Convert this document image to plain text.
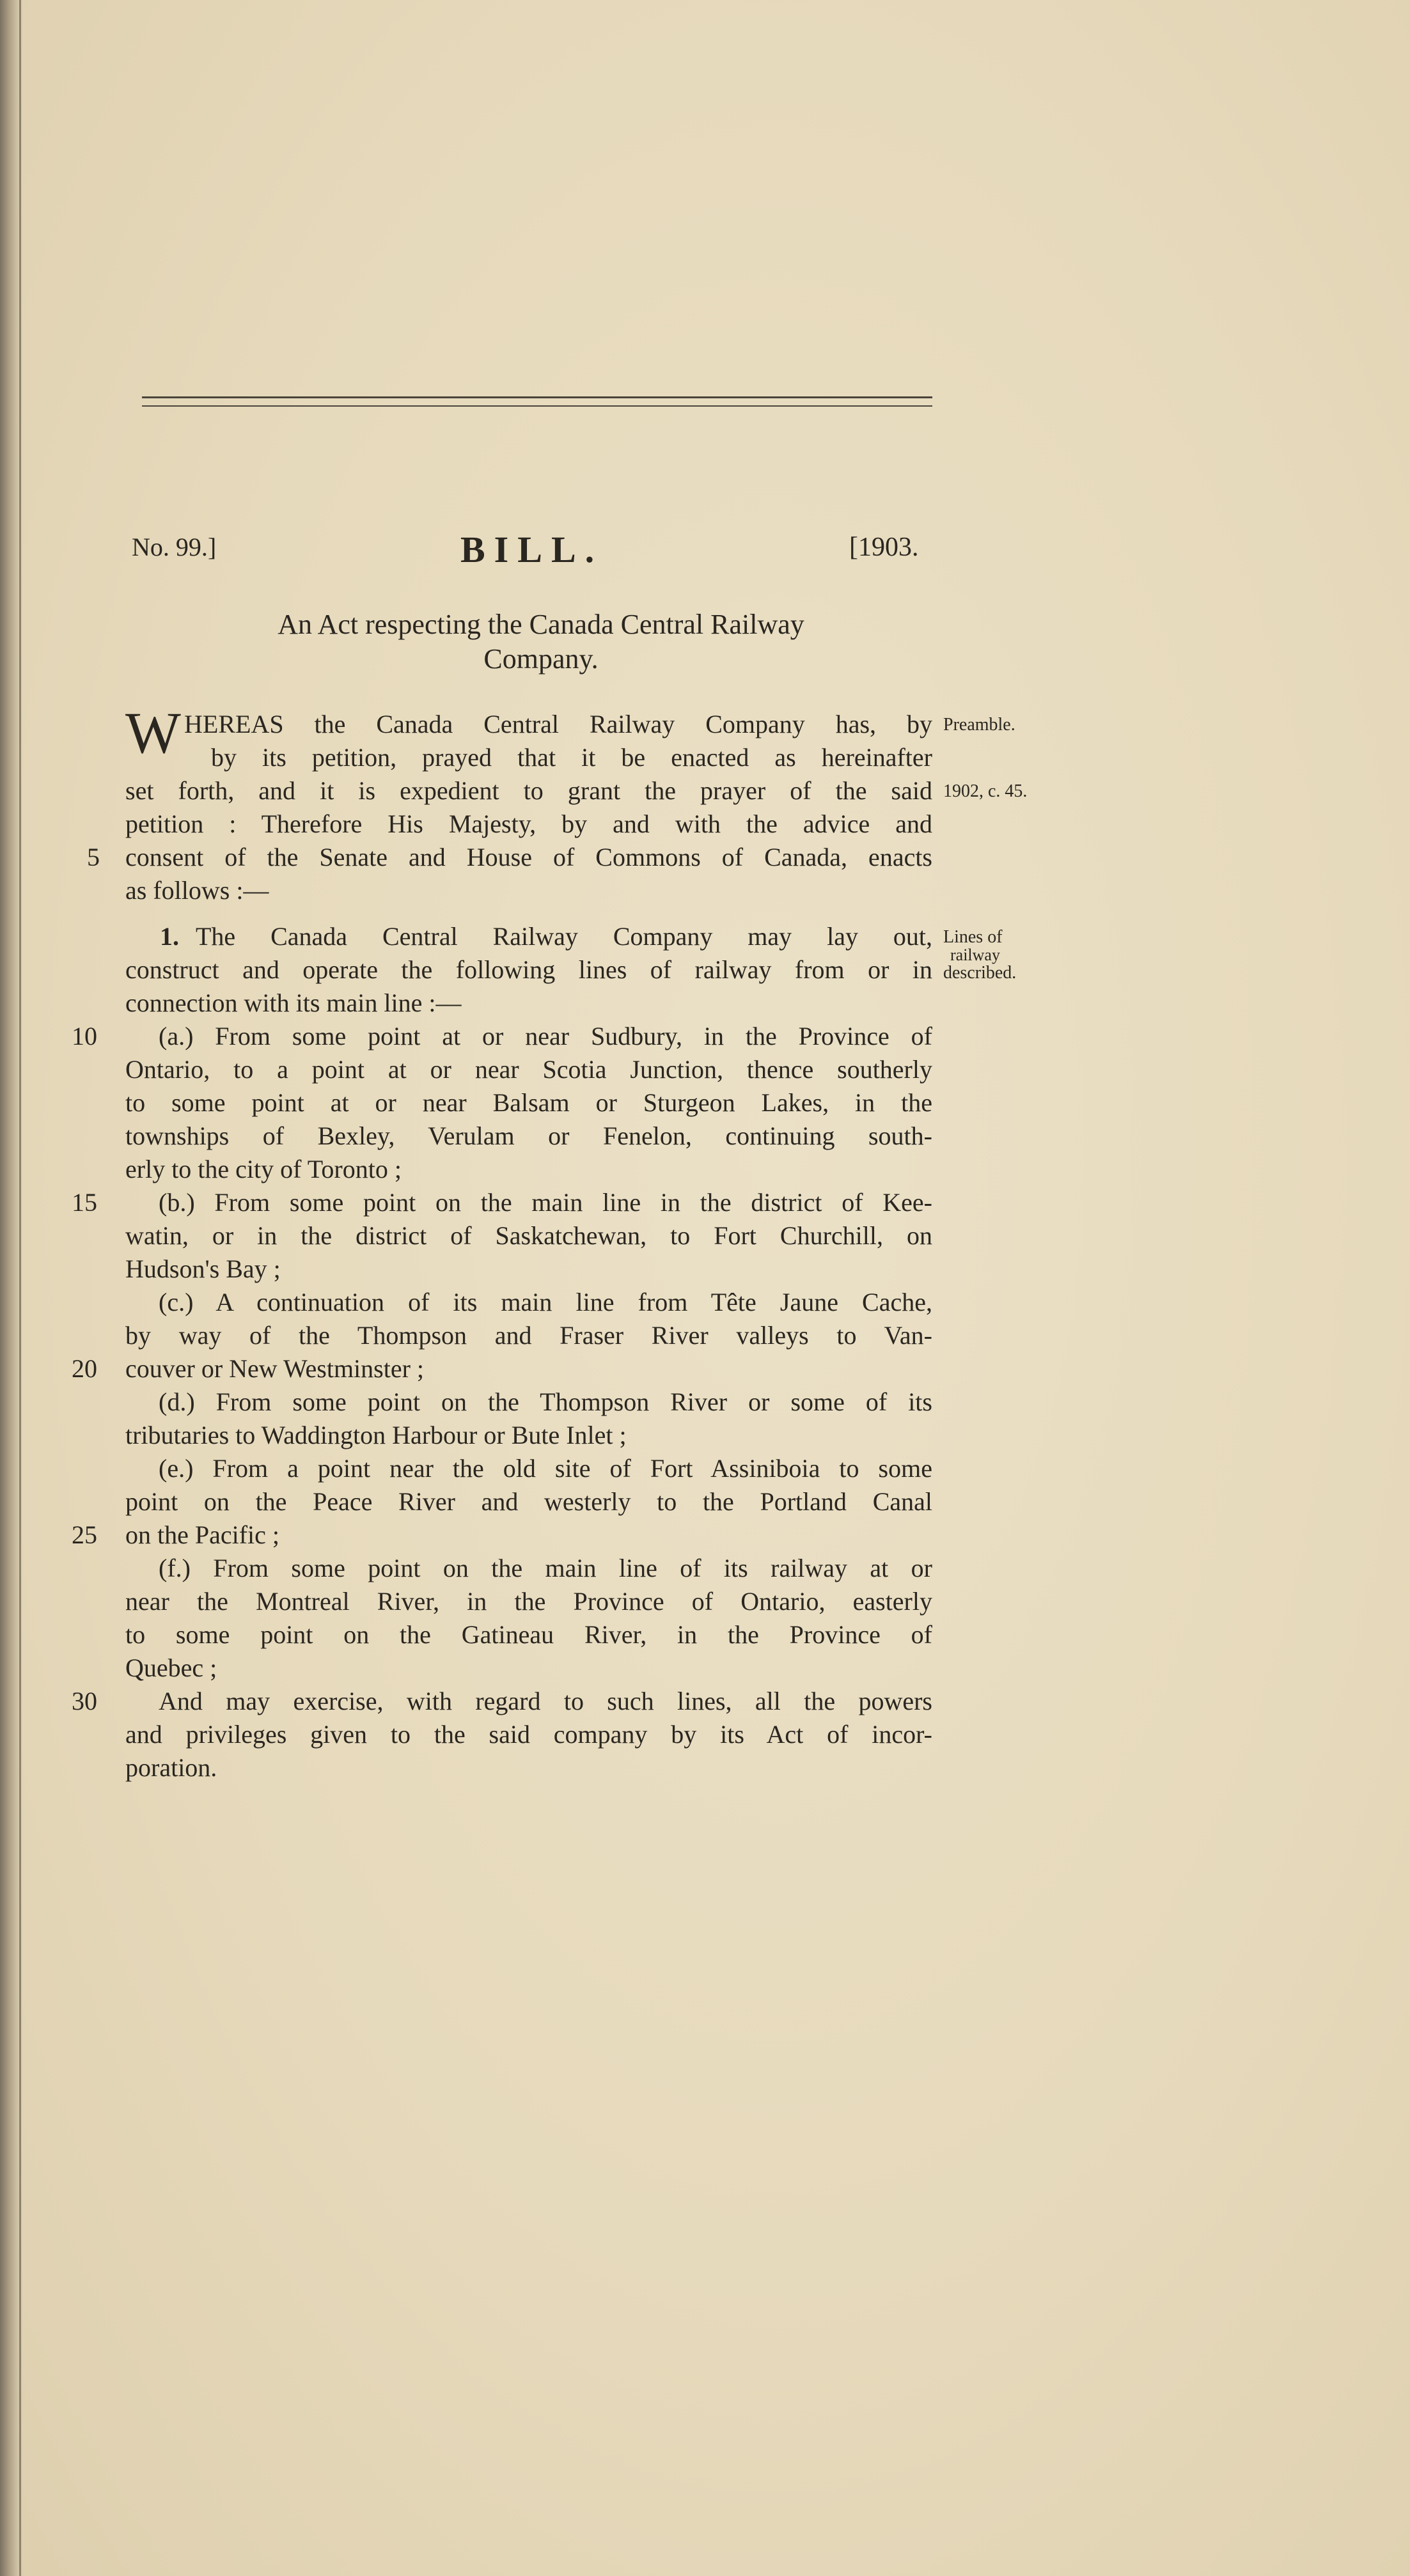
No. 99.]	BILL.	[1903.
An Act respecting the Canada Central Railway
Company.
W HEREAS the Canada Central Railway Company has, by
by its petition, prayed that it be enacted as hereinafter
set forth, and it is expedient to grant the prayer of the said
petition : Therefore His Majesty, by and with the advice and
consent of the Senate and House of Commons of Canada, enacts
as follows :—
1. The Canada Central Railway Company may lay out,
construct and operate the following lines of railway from or in
connection with its main line :—
(a.) From some point at or near Sudbury, in the Province of
Ontario, to a point at or near Scotia Junction, thence southerly
to some point at or near Balsam or Sturgeon Lakes, in the
townships of Bexley, Verulam or Fenelon, continuing south-
erly to the city of Toronto ;
(b.) From some point on the main line in the district of Kee-
watin, or in the district of Saskatchewan, to Fort Churchill, on
Hudson's Bay ;
(c.) A continuation of its main line from Tête Jaune Cache,
by way of the Thompson and Fraser River valleys to Van-
couver or New Westminster ;
(d.) From some point on the Thompson River or some of its
tributaries to Waddington Harbour or Bute Inlet ;
(e.) From a point near the old site of Fort Assiniboia to some
point on the Peace River and westerly to the Portland Canal
on the Pacific ;
(f.) From some point on the main line of its railway at or
near the Montreal River, in the Province of Ontario, easterly
to some point on the Gatineau River, in the Province of
Quebec ;
And may exercise, with regard to such lines, all the powers
and privileges given to the said company by its Act of incor-
poration.
5
10
15
20
25
30
Preamble.
1902, c. 45.
Lines of
railway
described.
